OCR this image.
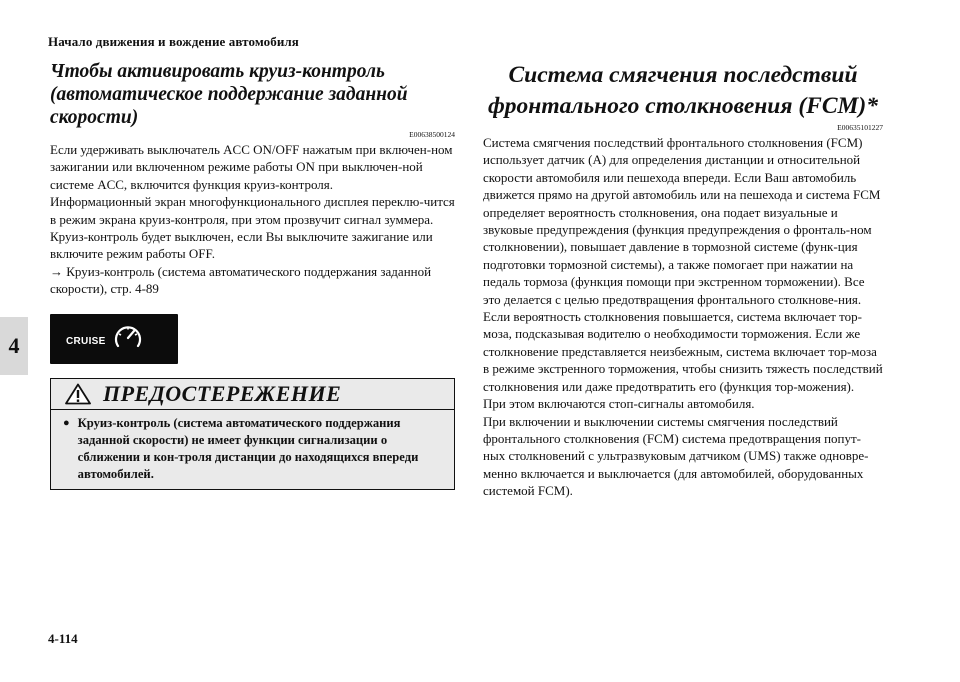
Начало движения и вождение автомобиля
4
Чтобы активировать круиз-контроль
(автоматическое поддержание заданной скорости)
E00638500124

Если удерживать выключатель ACC ON/OFF нажатым при включен-ном зажигании или включенном режиме работы ON при выключен-ной системе ACC, включится функция круиз-контроля.

Информационный экран многофункционального дисплея переклю-чится в режим экрана круиз-контроля, при этом прозвучит сигнал зуммера.

Круиз-контроль будет выключен, если Вы выключите зажигание или включите режим работы OFF.

→ Круиз-контроль (система автоматического поддержания заданной скорости), стр. 4-89

CRUISE
ПРЕДОСТЕРЕЖЕНИЕ
● Круиз-контроль (система автоматического поддержания заданной скорости) не имеет функции сигнализации о сближении и кон-троля дистанции до находящихся впереди автомобилей.
Система смягчения последствий
фронтального столкновения (FCM)*
E00635101227

Система смягчения последствий фронтального столкновения (FCM) использует датчик (А) для определения дистанции и относительной скорости автомобиля или пешехода впереди. Если Ваш автомобиль движется прямо на другой автомобиль или на пешехода и система FCM определяет вероятность столкновения, она подает визуальные и звуковые предупреждения (функция предупреждения о фронталь-ном столкновении), повышает давление в тормозной системе (функ-ция подготовки тормозной системы), а также помогает при нажатии на педаль тормоза (функция помощи при экстренном торможении). Все это делается с целью предотвращения фронтального столкнове-ния.

Если вероятность столкновения повышается, система включает тор-моза, подсказывая водителю о необходимости торможения. Если же столкновение представляется неизбежным, система включает тор-моза в режиме экстренного торможения, чтобы снизить тяжесть последствий столкновения или даже предотвратить его (функция тор-можения).

При этом включаются стоп-сигналы автомобиля.

При включении и выключении системы смягчения последствий фронтального столкновения (FCM) система предотвращения попут-ных столкновений с ультразвуковым датчиком (UMS) также одновре-менно включается и выключается (для автомобилей, оборудованных системой FCM).

4-114
